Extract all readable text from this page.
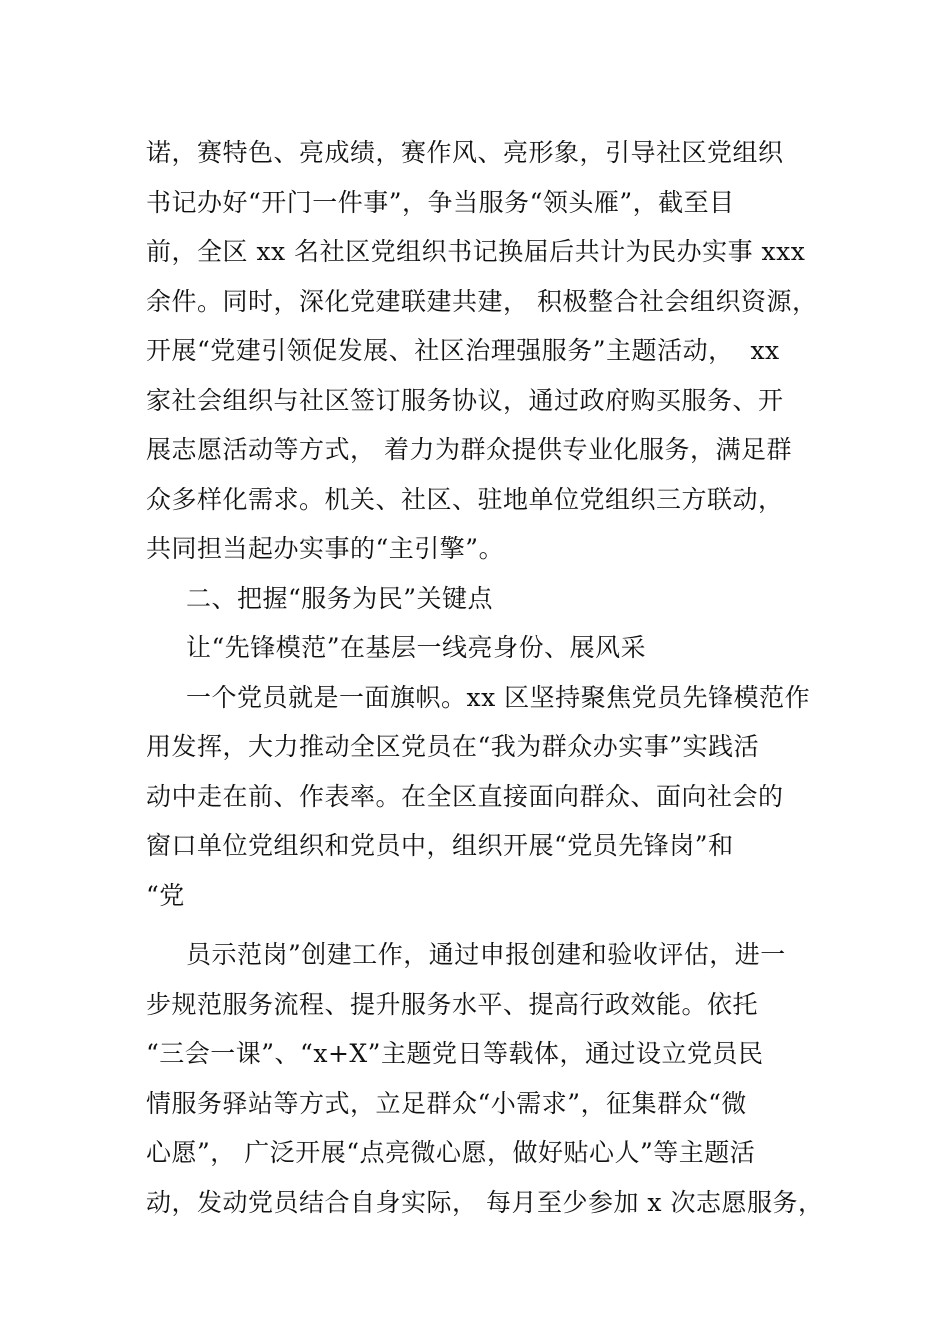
诺，赛特色、亮成绩，赛作风、亮形象，引导社区党组织
书记办好“开门一件事”，争当服务“领头雁”，截至目
前，全区 xx 名社区党组织书记换届后共计为民办实事 xxx
余件。同时，深化党建联建共建， 积极整合社会组织资源，
开展“党建引领促发展、社区治理强服务”主题活动，  xx
家社会组织与社区签订服务协议，通过政府购买服务、开
展志愿活动等方式， 着力为群众提供专业化服务，满足群
众多样化需求。机关、社区、驻地单位党组织三方联动，
共同担当起办实事的“主引擎”。
二、把握“服务为民”关键点
让“先锋模范”在基层一线亮身份、展风采
一个党员就是一面旗帜。xx 区坚持聚焦党员先锋模范作
用发挥，大力推动全区党员在“我为群众办实事”实践活
动中走在前、作表率。在全区直接面向群众、面向社会的
窗口单位党组织和党员中，组织开展“党员先锋岗”和
“党
员示范岗”创建工作，通过申报创建和验收评估，进一
步规范服务流程、提升服务水平、提高行政效能。依托
“三会一课”、“x+X”主题党日等载体，通过设立党员民
情服务驿站等方式，立足群众“小需求”，征集群众“微
心愿”， 广泛开展“点亮微心愿，做好贴心人”等主题活
动，发动党员结合自身实际， 每月至少参加 x 次志愿服务，
